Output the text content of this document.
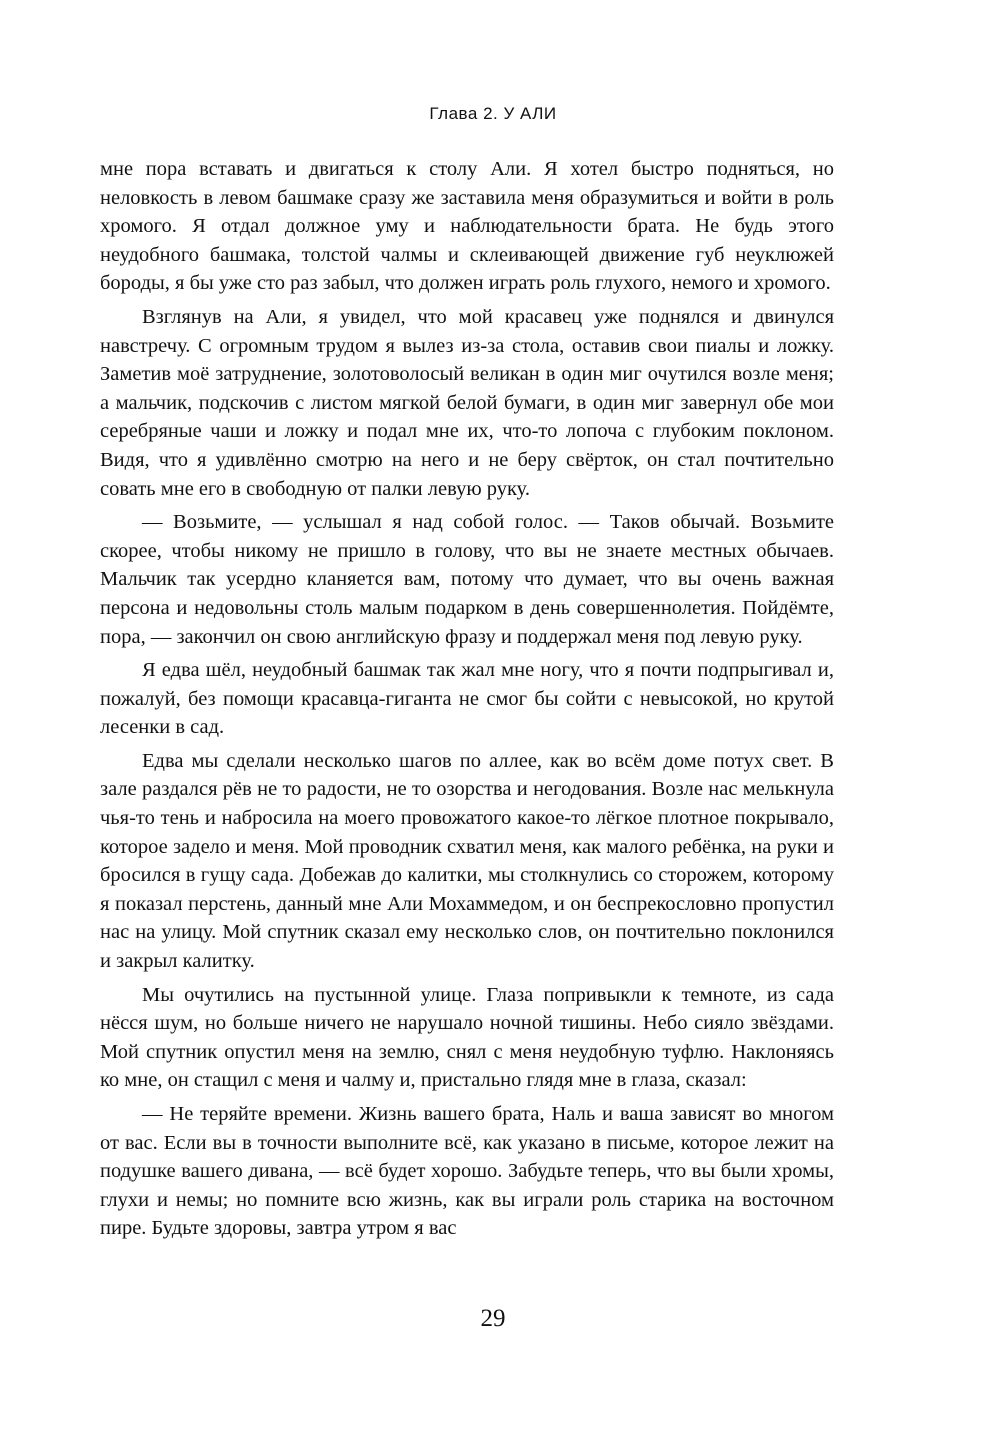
Глава 2. У АЛИ

мне пора вставать и двигаться к столу Али. Я хотел быстро подняться, но неловкость в левом башмаке сразу же заставила меня образумиться и войти в роль хромого. Я отдал должное уму и наблюдательности брата. Не будь этого неудобного башмака, толстой чалмы и склеивающей движение губ неуклюжей бороды, я бы уже сто раз забыл, что должен играть роль глухого, немого и хромого.

Взглянув на Али, я увидел, что мой красавец уже поднялся и двинулся навстречу. С огромным трудом я вылез из-за стола, оставив свои пиалы и ложку. Заметив моё затруднение, золотоволосый великан в один миг очутился возле меня; а мальчик, подскочив с листом мягкой белой бумаги, в один миг завернул обе мои серебряные чаши и ложку и подал мне их, что-то лопоча с глубоким поклоном. Видя, что я удивлённо смотрю на него и не беру свёрток, он стал почтительно совать мне его в свободную от палки левую руку.

— Возьмите, — услышал я над собой голос. — Таков обычай. Возьмите скорее, чтобы никому не пришло в голову, что вы не знаете местных обычаев. Мальчик так усердно кланяется вам, потому что думает, что вы очень важная персона и недовольны столь малым подарком в день совершеннолетия. Пойдёмте, пора, — закончил он свою английскую фразу и поддержал меня под левую руку.

Я едва шёл, неудобный башмак так жал мне ногу, что я почти подпрыгивал и, пожалуй, без помощи красавца-гиганта не смог бы сойти с невысокой, но крутой лесенки в сад.

Едва мы сделали несколько шагов по аллее, как во всём доме потух свет. В зале раздался рёв не то радости, не то озорства и негодования. Возле нас мелькнула чья-то тень и набросила на моего провожатого какое-то лёгкое плотное покрывало, которое задело и меня. Мой проводник схватил меня, как малого ребёнка, на руки и бросился в гущу сада. Добежав до калитки, мы столкнулись со сторожем, которому я показал перстень, данный мне Али Мохаммедом, и он беспрекословно пропустил нас на улицу. Мой спутник сказал ему несколько слов, он почтительно поклонился и закрыл калитку.

Мы очутились на пустынной улице. Глаза попривыкли к темноте, из сада нёсся шум, но больше ничего не нарушало ночной тишины. Небо сияло звёздами. Мой спутник опустил меня на землю, снял с меня неудобную туфлю. Наклоняясь ко мне, он стащил с меня и чалму и, пристально глядя мне в глаза, сказал:

— Не теряйте времени. Жизнь вашего брата, Наль и ваша зависят во многом от вас. Если вы в точности выполните всё, как указано в письме, которое лежит на подушке вашего дивана, — всё будет хорошо. Забудьте теперь, что вы были хромы, глухи и немы; но помните всю жизнь, как вы играли роль старика на восточном пире. Будьте здоровы, завтра утром я вас

29
